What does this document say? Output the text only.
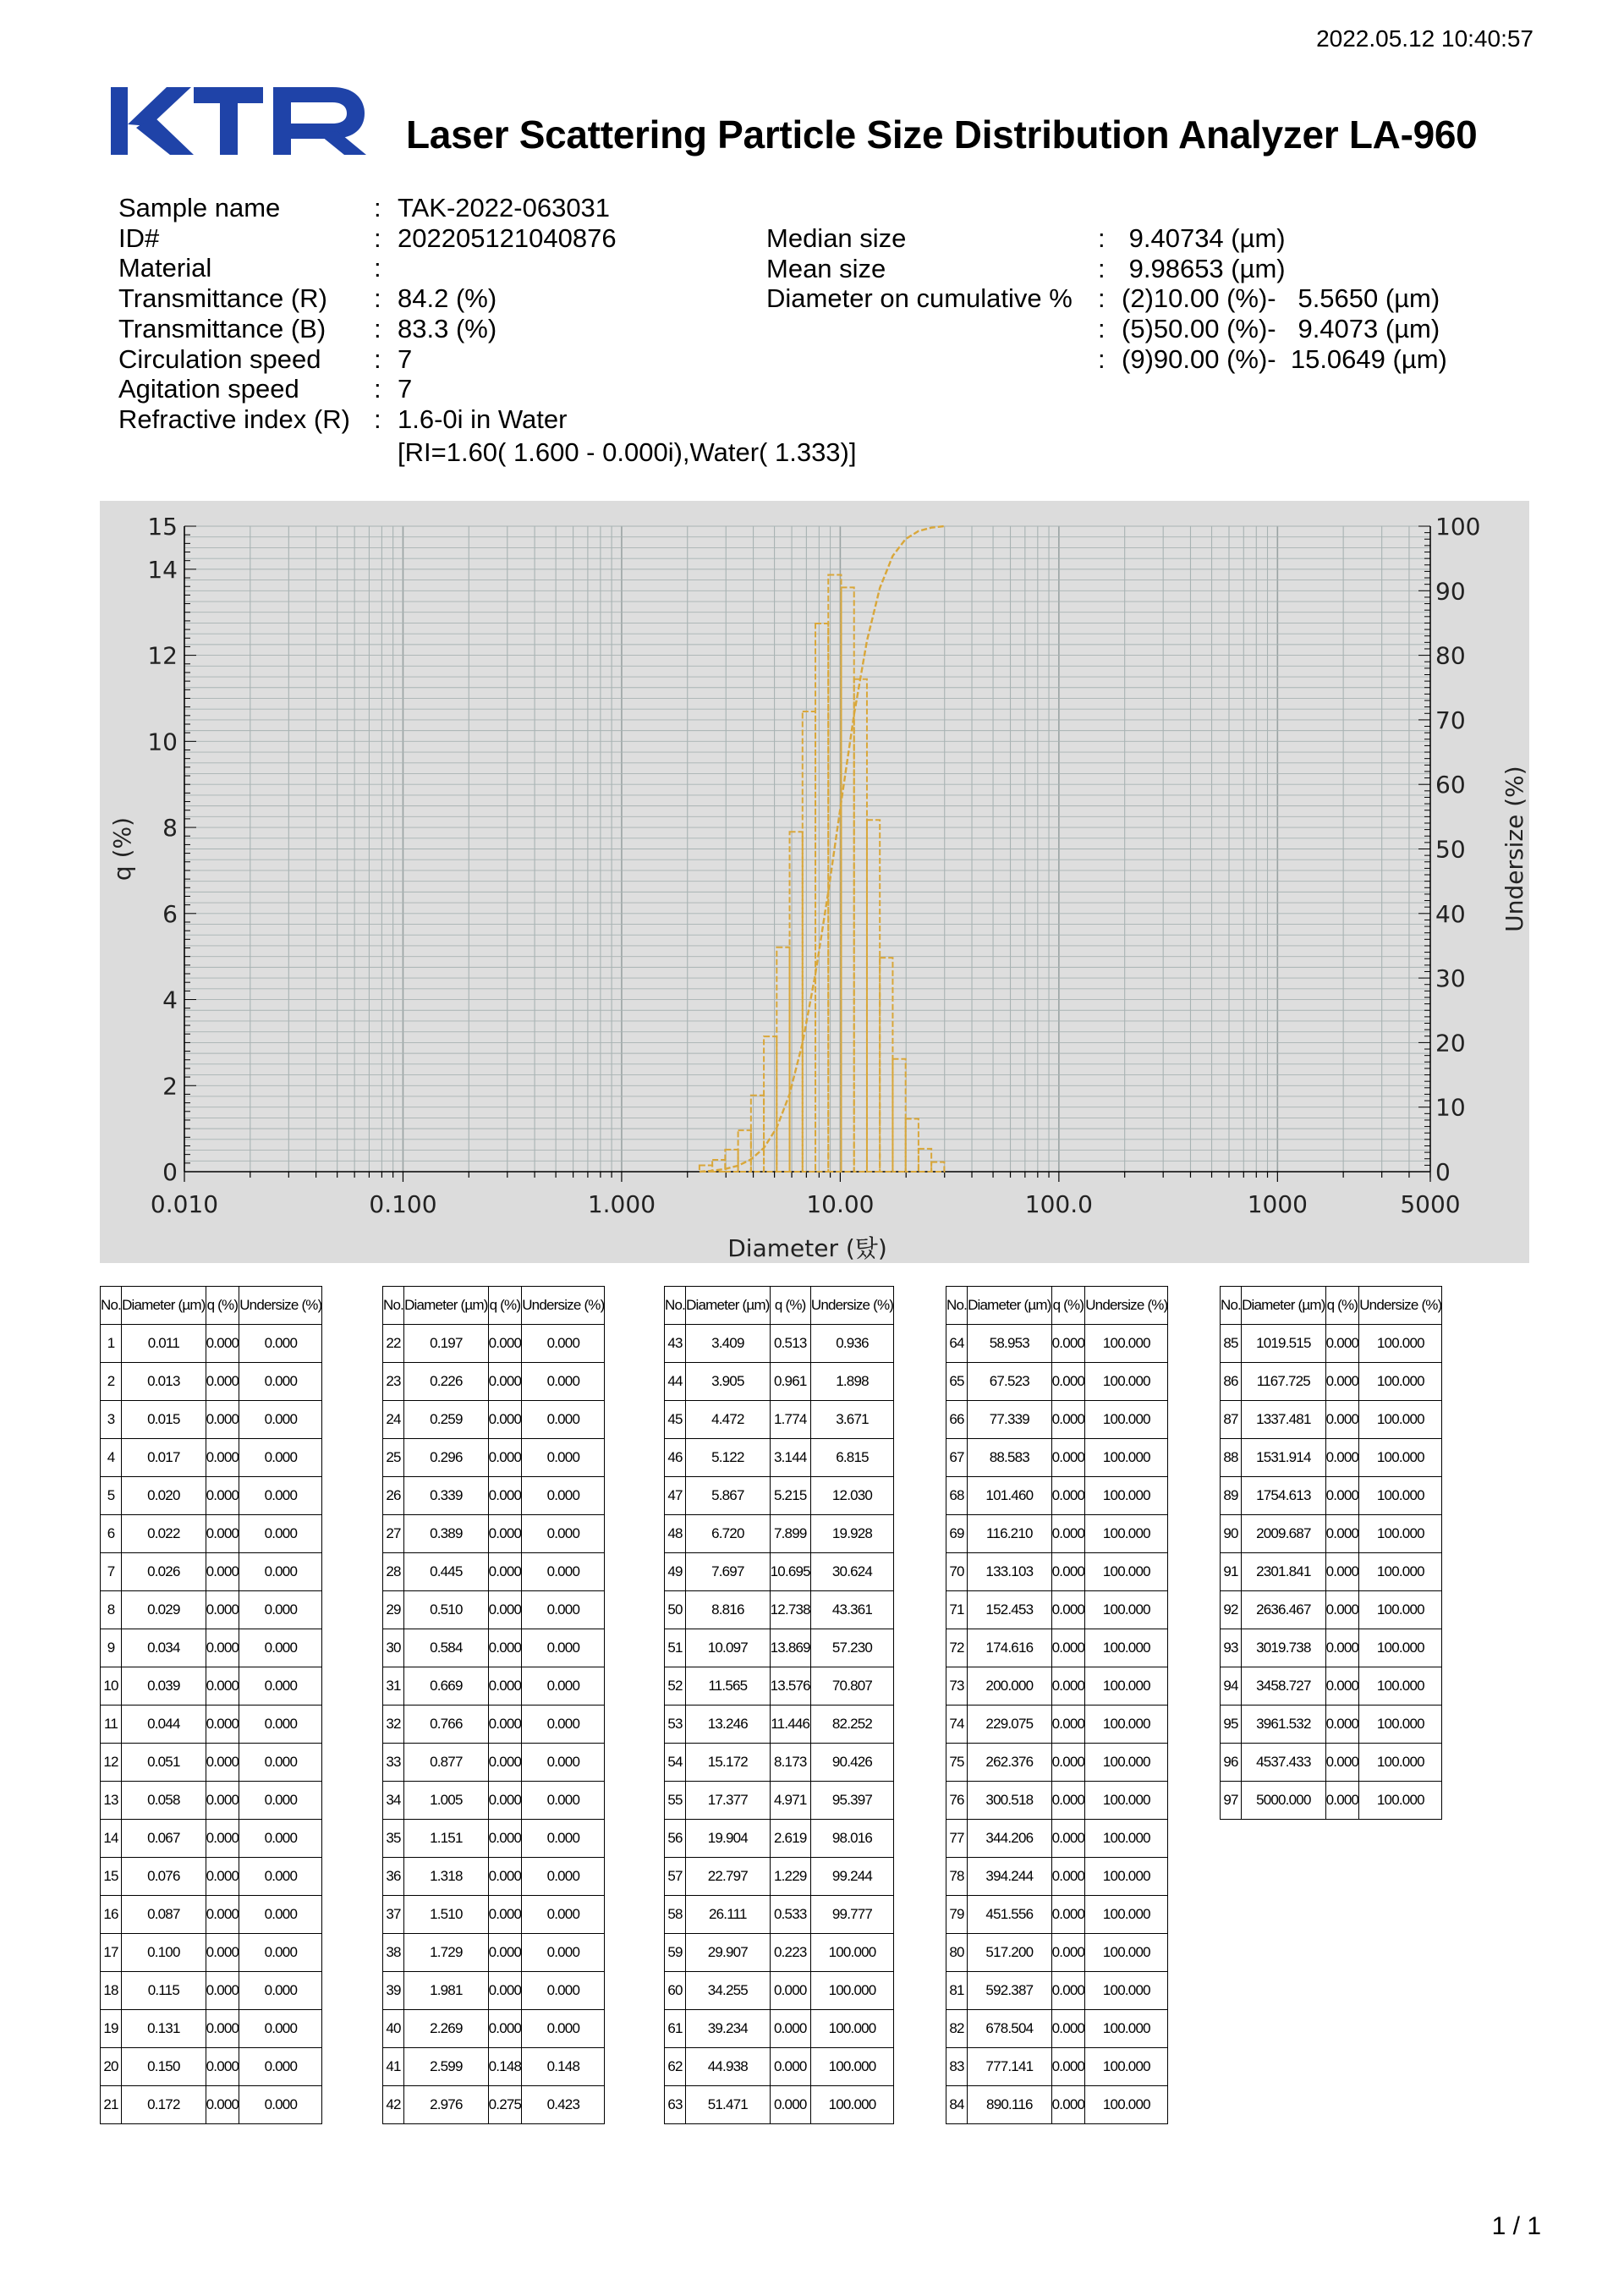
2022.05.12 10:40:57
Laser Scattering Particle Size Distribution Analyzer LA-960
Sample name	: TAK-2022-063031
ID#	: 202205121040876
Material	:
Transmittance (R) : 84.2 (%)
Transmittance (B) : 83.3 (%)
Circulation speed : 7
Agitation speed	: 7
Refractive index (R) : 1.6-0i in Water
[RI=1.60( 1.600 - 0.000i),Water( 1.333)]
Median size	: 9.40734 (µm)
Mean size	: 9.98653 (µm)
Diameter on cumulative % : (2)10.00 (%)-   5.5650 (µm)
: (5)50.00 (%)-   9.4073 (µm)
: (9)90.00 (%)-  15.0649 (µm)
0
2
4
6
8
10
12
14
15
0
10
20
30
40
50
60
70
80
90
100
0.010	0.100	1.000	10.00	100.0	1000	5000
Diameter (탔)
q (%)	Undersize (%)
No.	Diameter (µm)	q (%)	Undersize (%)
1	0.011	0.000	0.000
2	0.013	0.000	0.000
3	0.015	0.000	0.000
4	0.017	0.000	0.000
5	0.020	0.000	0.000
6	0.022	0.000	0.000
7	0.026	0.000	0.000
8	0.029	0.000	0.000
9	0.034	0.000	0.000
10	0.039	0.000	0.000
11	0.044	0.000	0.000
12	0.051	0.000	0.000
13	0.058	0.000	0.000
14	0.067	0.000	0.000
15	0.076	0.000	0.000
16	0.087	0.000	0.000
17	0.100	0.000	0.000
18	0.115	0.000	0.000
19	0.131	0.000	0.000
20	0.150	0.000	0.000
21	0.172	0.000	0.000
No.	Diameter (µm)	q (%)	Undersize (%)
22	0.197	0.000	0.000
23	0.226	0.000	0.000
24	0.259	0.000	0.000
25	0.296	0.000	0.000
26	0.339	0.000	0.000
27	0.389	0.000	0.000
28	0.445	0.000	0.000
29	0.510	0.000	0.000
30	0.584	0.000	0.000
31	0.669	0.000	0.000
32	0.766	0.000	0.000
33	0.877	0.000	0.000
34	1.005	0.000	0.000
35	1.151	0.000	0.000
36	1.318	0.000	0.000
37	1.510	0.000	0.000
38	1.729	0.000	0.000
39	1.981	0.000	0.000
40	2.269	0.000	0.000
41	2.599	0.148	0.148
42	2.976	0.275	0.423
No.	Diameter (µm)	q (%)	Undersize (%)
43	3.409	0.513	0.936
44	3.905	0.961	1.898
45	4.472	1.774	3.671
46	5.122	3.144	6.815
47	5.867	5.215	12.030
48	6.720	7.899	19.928
49	7.697	10.695	30.624
50	8.816	12.738	43.361
51	10.097	13.869	57.230
52	11.565	13.576	70.807
53	13.246	11.446	82.252
54	15.172	8.173	90.426
55	17.377	4.971	95.397
56	19.904	2.619	98.016
57	22.797	1.229	99.244
58	26.111	0.533	99.777
59	29.907	0.223	100.000
60	34.255	0.000	100.000
61	39.234	0.000	100.000
62	44.938	0.000	100.000
63	51.471	0.000	100.000
No.	Diameter (µm)	q (%)	Undersize (%)
64	58.953	0.000	100.000
65	67.523	0.000	100.000
66	77.339	0.000	100.000
67	88.583	0.000	100.000
68	101.460	0.000	100.000
69	116.210	0.000	100.000
70	133.103	0.000	100.000
71	152.453	0.000	100.000
72	174.616	0.000	100.000
73	200.000	0.000	100.000
74	229.075	0.000	100.000
75	262.376	0.000	100.000
76	300.518	0.000	100.000
77	344.206	0.000	100.000
78	394.244	0.000	100.000
79	451.556	0.000	100.000
80	517.200	0.000	100.000
81	592.387	0.000	100.000
82	678.504	0.000	100.000
83	777.141	0.000	100.000
84	890.116	0.000	100.000
No.	Diameter (µm)	q (%)	Undersize (%)
85	1019.515	0.000	100.000
86	1167.725	0.000	100.000
87	1337.481	0.000	100.000
88	1531.914	0.000	100.000
89	1754.613	0.000	100.000
90	2009.687	0.000	100.000
91	2301.841	0.000	100.000
92	2636.467	0.000	100.000
93	3019.738	0.000	100.000
94	3458.727	0.000	100.000
95	3961.532	0.000	100.000
96	4537.433	0.000	100.000
97	5000.000	0.000	100.000
1 / 1
